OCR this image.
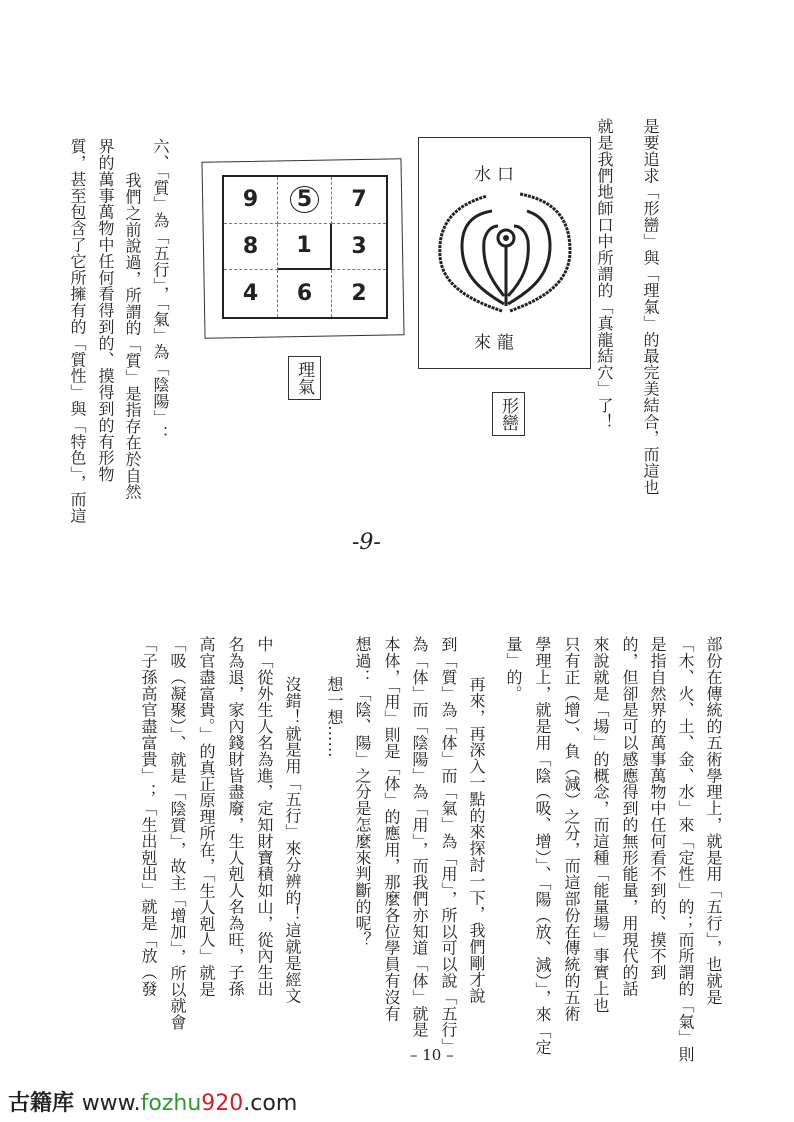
是要追求「形巒」與「理氣」的最完美結合，而這也
就是我們地師口中所謂的「真龍結穴」了！
六、「質」為「五行」，「氣」為「陰陽」：
我們之前說過，所謂的「質」是指存在於自然
界的萬事萬物中任何看得到的、摸得到的有形物
質，甚至包含了它所擁有的「質性」與「特色」，而這	9	5	7
8	1	3
4	6	2
理氣
水口
來龍
形巒
-9-
部份在傳統的五術學理上，就是用「五行」，也就是
「木、火、土、金、水」來「定性」的；而所謂的「氣」則
是指自然界的萬事萬物中任何看不到的、摸不到
的，但卻是可以感應得到的無形能量，用現代的話
來說就是「場」的概念，而這種「能量場」事實上也
只有正（增）、負（減）之分，而這部份在傳統的五術
學理上，就是用「陰（吸、增）」、「陽（放、減）」，來「定
量」的。
再來，再深入一點的來探討一下，我們剛才說
到「質」為「体」而「氣」為「用」，所以可以說「五行」
為「体」而「陰陽」為「用」，而我們亦知道「体」就是
本体，「用」則是「体」的應用，那麼各位學員有沒有
想過：「陰、陽」之分是怎麼來判斷的呢？
想一想……
沒錯！就是用「五行」來分辨的！這就是經文
中「從外生人名為進，定知財寶積如山，從內生出
名為退，家內錢財皆盡廢，生人剋人名為旺，子孫
高官盡富貴。」的真正原理所在，「生人剋人」就是
「吸（凝聚）」、就是「陰質」，故主「增加」，所以就會
「子孫高官盡富貴」；「生出剋出」就是「放（發
– 10 –
古籍库 www.fozhu920.com
